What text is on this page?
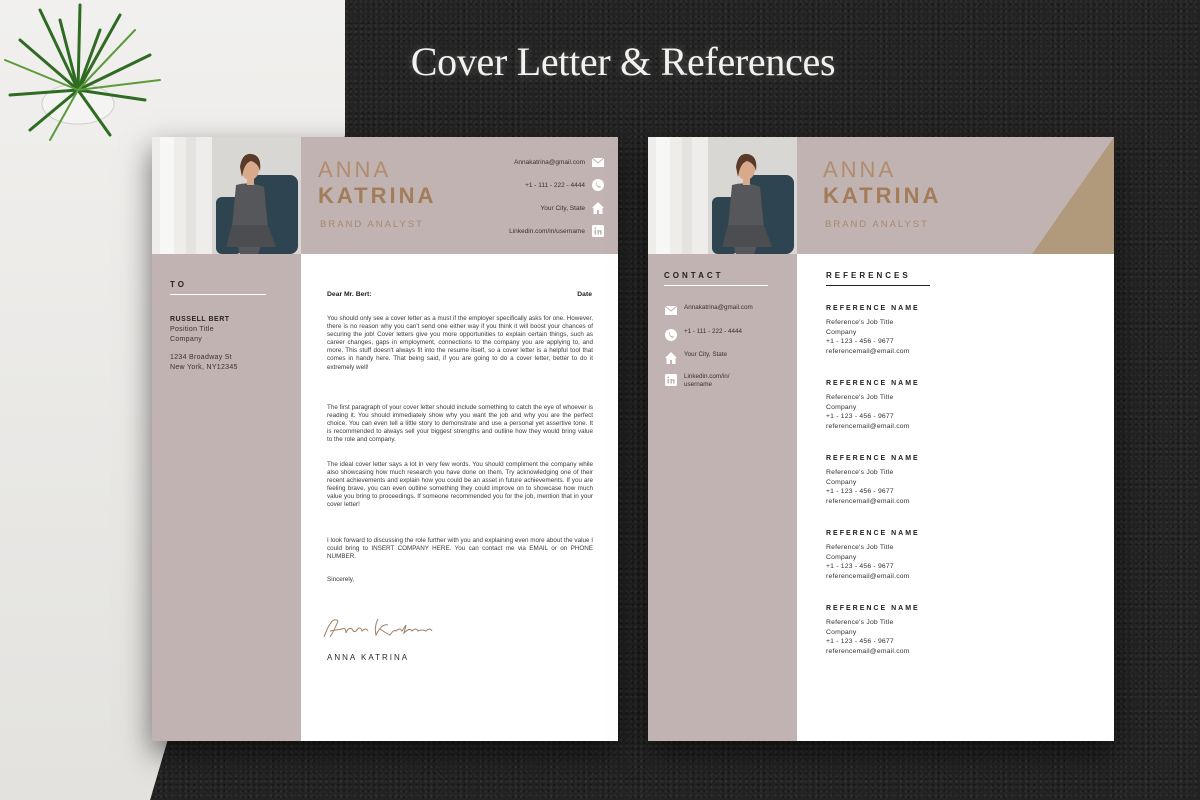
Cover Letter & References
ANNA
KATRINA
BRAND ANALYST
Annakatrina@gmail.com
+1 - 111 - 222 - 4444
Your City, State
Linkedin.com/in/username
TO
RUSSELL BERT
Position Title
Company
1234 Broadway St
New York, NY12345
Dear Mr. Bert:	Date

You should only see a cover letter as a must if the employer specifically asks for one. However, there is no reason why you can't send one either way if you think it will boost your chances of securing the job! Cover letters give you more opportunities to explain certain things, such as career changes, gaps in employment, connections to the company you are applying to, and more. This stuff doesn't always fit into the resume itself, so a cover letter is a helpful tool that comes in handy here. That being said, if you are going to do a cover letter, better to do it extremely well!

The first paragraph of your cover letter should include something to catch the eye of whoever is reading it. You should immediately show why you want the job and why you are the perfect choice. You can even tell a little story to demonstrate and use a personal yet assertive tone. It is recommended to always sell your biggest strengths and outline how they would bring value to the role and company.

The ideal cover letter says a lot in very few words. You should compliment the company while also showcasing how much research you have done on them. Try acknowledging one of their recent achievements and explain how you could be an asset in future achievements. If you are feeling brave, you can even outline something they could improve on to showcase how much value you bring to proceedings. If someone recommended you for the job, mention that in your cover letter!

I look forward to discussing the role further with you and explaining even more about the value I could bring to INSERT COMPANY HERE. You can contact me via EMAIL or on PHONE NUMBER.

Sincerely,

ANNA KATRINA
ANNA
KATRINA
BRAND ANALYST
CONTACT
Annakatrina@gmail.com
+1 - 111 - 222 - 4444
Your City, State
Linkedin.com/in/
username
REFERENCES
REFERENCE NAME
Reference's Job Title
Company
+1 - 123 - 456 - 9677
referencemail@email.com
REFERENCE NAME
Reference's Job Title
Company
+1 - 123 - 456 - 9677
referencemail@email.com
REFERENCE NAME
Reference's Job Title
Company
+1 - 123 - 456 - 9677
referencemail@email.com
REFERENCE NAME
Reference's Job Title
Company
+1 - 123 - 456 - 9677
referencemail@email.com
REFERENCE NAME
Reference's Job Title
Company
+1 - 123 - 456 - 9677
referencemail@email.com
